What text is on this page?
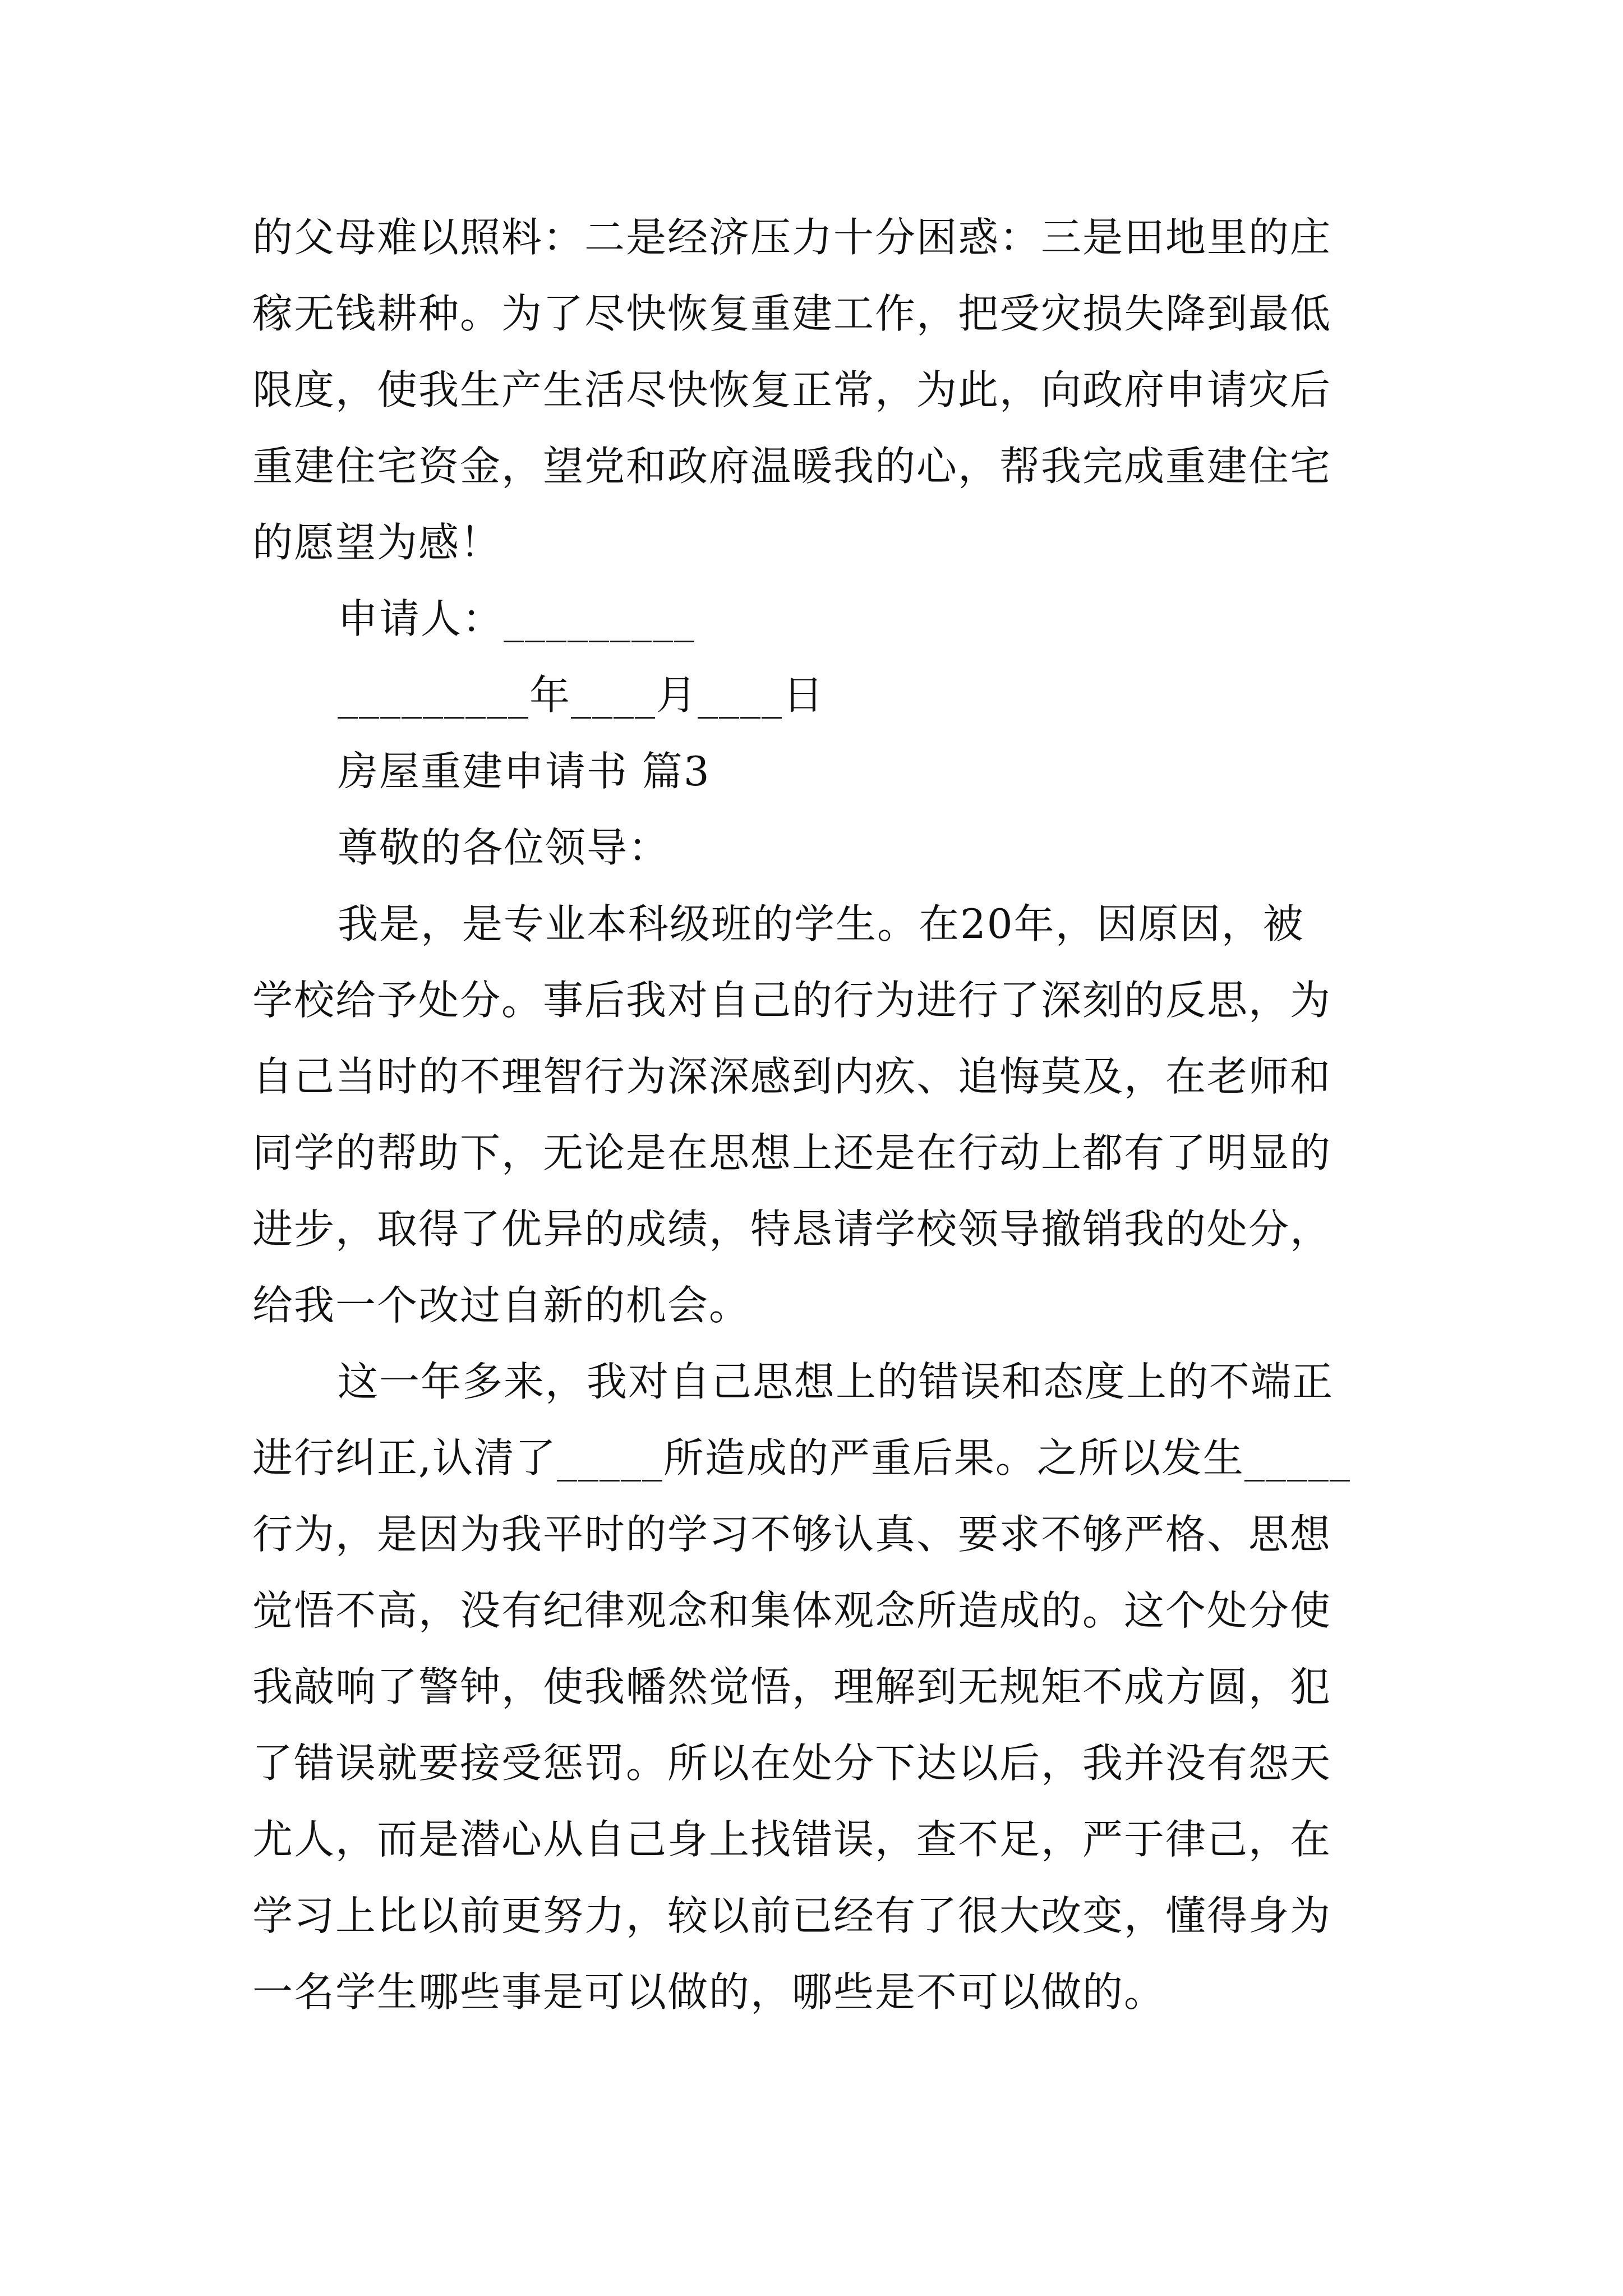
的父母难以照料：二是经济压力十分困惑：三是田地里的庄
稼无钱耕种。为了尽快恢复重建工作，把受灾损失降到最低
限度，使我生产生活尽快恢复正常，为此，向政府申请灾后
重建住宅资金，望党和政府温暖我的心，帮我完成重建住宅
的愿望为感！
申请人：_________
_________年____月____日
房屋重建申请书 篇3
尊敬的各位领导：
我是，是专业本科级班的学生。在20年，因原因，被
学校给予处分。事后我对自己的行为进行了深刻的反思，为
自己当时的不理智行为深深感到内疚、追悔莫及，在老师和
同学的帮助下，无论是在思想上还是在行动上都有了明显的
进步，取得了优异的成绩，特恳请学校领导撤销我的处分，
给我一个改过自新的机会。
这一年多来，我对自己思想上的错误和态度上的不端正
进行纠正,认清了_____所造成的严重后果。之所以发生_____
行为，是因为我平时的学习不够认真、要求不够严格、思想
觉悟不高，没有纪律观念和集体观念所造成的。这个处分使
我敲响了警钟，使我幡然觉悟，理解到无规矩不成方圆，犯
了错误就要接受惩罚。所以在处分下达以后，我并没有怨天
尤人，而是潜心从自己身上找错误，查不足，严于律己，在
学习上比以前更努力，较以前已经有了很大改变，懂得身为
一名学生哪些事是可以做的，哪些是不可以做的。
